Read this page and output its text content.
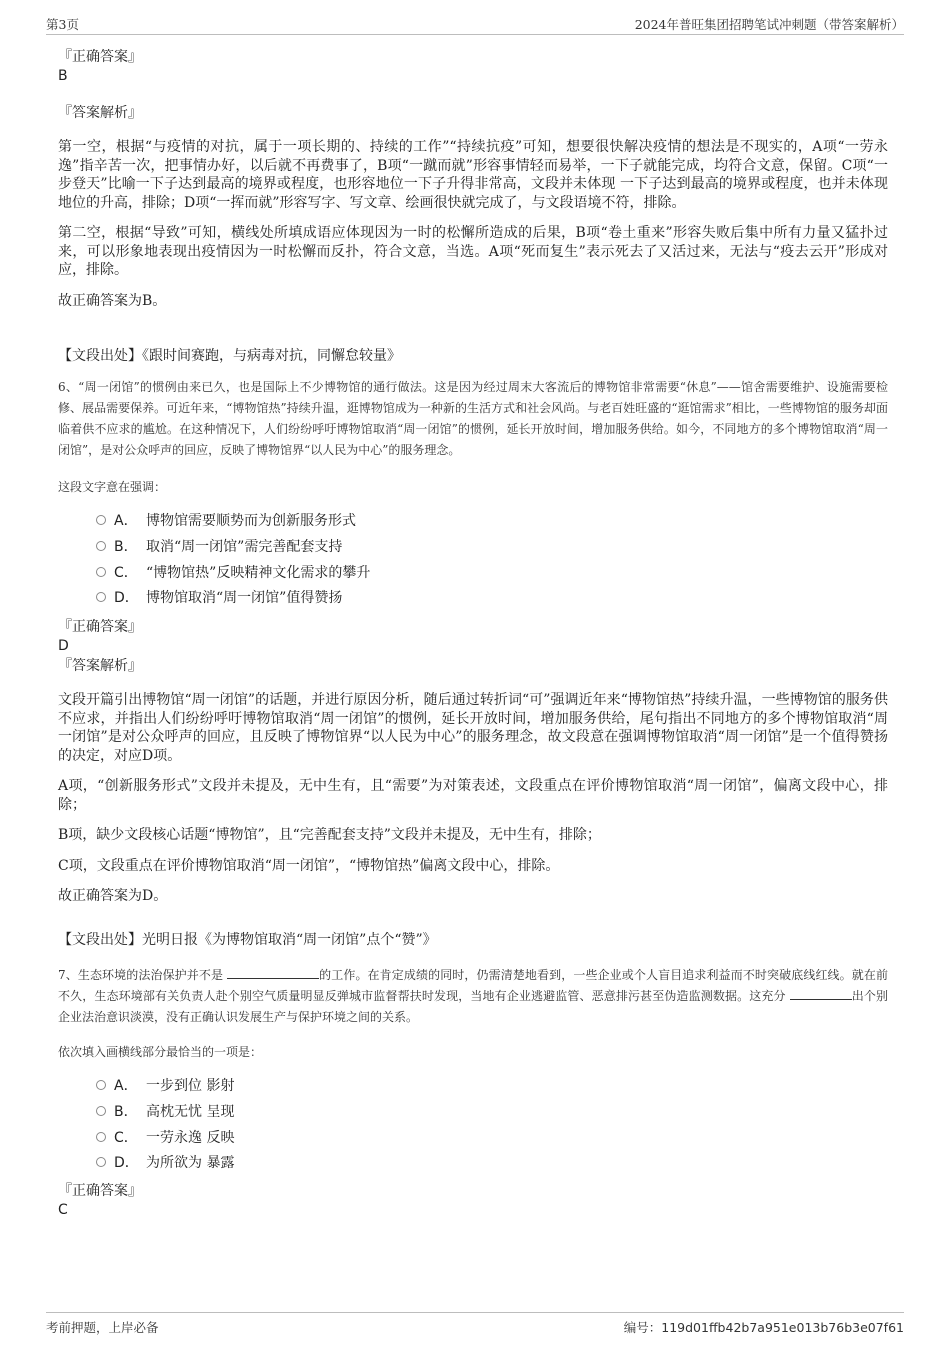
第3页	2024年普旺集团招聘笔试冲刺题（带答案解析）
『正确答案』
B
『答案解析』

第一空，根据“与疫情的对抗，属于一项长期的、持续的工作”“持续抗疫”可知，想要很快解决疫情的想法是不现实的，A项“一劳永逸”指辛苦一次，把事情办好，以后就不再费事了，B项“一蹴而就”形容事情轻而易举，一下子就能完成，均符合文意，保留。C项“一步登天”比喻一下子达到最高的境界或程度，也形容地位一下子升得非常高，文段并未体现 一下子达到最高的境界或程度，也并未体现地位的升高，排除；D项“一挥而就”形容写字、写文章、绘画很快就完成了，与文段语境不符，排除。

第二空，根据“导致”可知，横线处所填成语应体现因为一时的松懈所造成的后果，B项“卷土重来”形容失败后集中所有力量又猛扑过来，可以形象地表现出疫情因为一时松懈而反扑，符合文意，当选。A项“死而复生”表示死去了又活过来，无法与“疫去云开”形成对应，排除。

故正确答案为B。

【文段出处】《跟时间赛跑，与病毒对抗，同懈怠较量》

6、“周一闭馆”的惯例由来已久，也是国际上不少博物馆的通行做法。这是因为经过周末大客流后的博物馆非常需要“休息”——馆舍需要维护、设施需要检修、展品需要保养。可近年来，“博物馆热”持续升温，逛博物馆成为一种新的生活方式和社会风尚。与老百姓旺盛的“逛馆需求”相比，一些博物馆的服务却面临着供不应求的尴尬。在这种情况下，人们纷纷呼吁博物馆取消“周一闭馆”的惯例，延长开放时间，增加服务供给。如今，不同地方的多个博物馆取消“周一闭馆”，是对公众呼声的回应，反映了博物馆界“以人民为中心”的服务理念。

这段文字意在强调：
A． 博物馆需要顺势而为创新服务形式
B． 取消“周一闭馆”需完善配套支持
C． “博物馆热”反映精神文化需求的攀升
D． 博物馆取消“周一闭馆”值得赞扬
『正确答案』
D
『答案解析』

文段开篇引出博物馆“周一闭馆”的话题，并进行原因分析，随后通过转折词“可”强调近年来“博物馆热”持续升温，一些博物馆的服务供不应求，并指出人们纷纷呼吁博物馆取消“周一闭馆”的惯例，延长开放时间，增加服务供给，尾句指出不同地方的多个博物馆取消“周一闭馆”是对公众呼声的回应，且反映了博物馆界“以人民为中心”的服务理念，故文段意在强调博物馆取消“周一闭馆”是一个值得赞扬的决定，对应D项。

A项，“创新服务形式”文段并未提及，无中生有，且“需要”为对策表述，文段重点在评价博物馆取消“周一闭馆”，偏离文段中心，排除；

B项，缺少文段核心话题“博物馆”，且“完善配套支持”文段并未提及，无中生有，排除；

C项，文段重点在评价博物馆取消“周一闭馆”，“博物馆热”偏离文段中心，排除。

故正确答案为D。

【文段出处】光明日报《为博物馆取消“周一闭馆”点个“赞”》

7、生态环境的法治保护并不是	的工作。在肯定成绩的同时，仍需清楚地看到，一些企业或个人盲目追求利益而不时突破底线红线。就在前不久，生态环境部有关负责人赴个别空气质量明显反弹城市监督帮扶时发现，当地有企业逃避监管、恶意排污甚至伪造监测数据。这充分	出个别企业法治意识淡漠，没有正确认识发展生产与保护环境之间的关系。

依次填入画横线部分最恰当的一项是：
A． 一步到位 影射
B． 高枕无忧 呈现
C． 一劳永逸 反映
D． 为所欲为 暴露
『正确答案』
C
考前押题，上岸必备	编号：119d01ffb42b7a951e013b76b3e07f61
